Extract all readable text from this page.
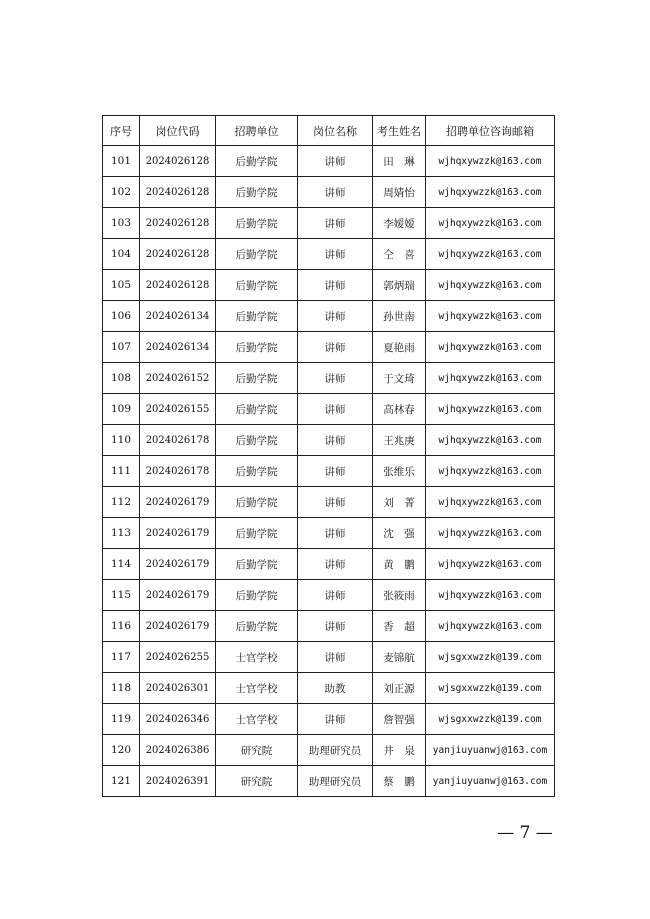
序号	岗位代码	招聘单位	岗位名称	考生姓名	招聘单位咨询邮箱
101	2024026128	后勤学院	讲师	田　琳	wjhqxywzzk@163.com
102	2024026128	后勤学院	讲师	周婧怡	wjhqxywzzk@163.com
103	2024026128	后勤学院	讲师	李嫒嫒	wjhqxywzzk@163.com
104	2024026128	后勤学院	讲师	仝　喜	wjhqxywzzk@163.com
105	2024026128	后勤学院	讲师	郭炳瑞	wjhqxywzzk@163.com
106	2024026134	后勤学院	讲师	孙世南	wjhqxywzzk@163.com
107	2024026134	后勤学院	讲师	夏艳雨	wjhqxywzzk@163.com
108	2024026152	后勤学院	讲师	于文琦	wjhqxywzzk@163.com
109	2024026155	后勤学院	讲师	高林春	wjhqxywzzk@163.com
110	2024026178	后勤学院	讲师	王兆庚	wjhqxywzzk@163.com
111	2024026178	后勤学院	讲师	张维乐	wjhqxywzzk@163.com
112	2024026179	后勤学院	讲师	刘　菁	wjhqxywzzk@163.com
113	2024026179	后勤学院	讲师	沈　强	wjhqxywzzk@163.com
114	2024026179	后勤学院	讲师	黄　鹏	wjhqxywzzk@163.com
115	2024026179	后勤学院	讲师	张筱雨	wjhqxywzzk@163.com
116	2024026179	后勤学院	讲师	香　超	wjhqxywzzk@163.com
117	2024026255	士官学校	讲师	麦锦航	wjsgxxwzzk@139.com
118	2024026301	士官学校	助教	刘正源	wjsgxxwzzk@139.com
119	2024026346	士官学校	讲师	詹智强	wjsgxxwzzk@139.com
120	2024026386	研究院	助理研究员	井　泉	yanjiuyuanwj@163.com
121	2024026391	研究院	助理研究员	蔡　鹏	yanjiuyuanwj@163.com
— 7 —
